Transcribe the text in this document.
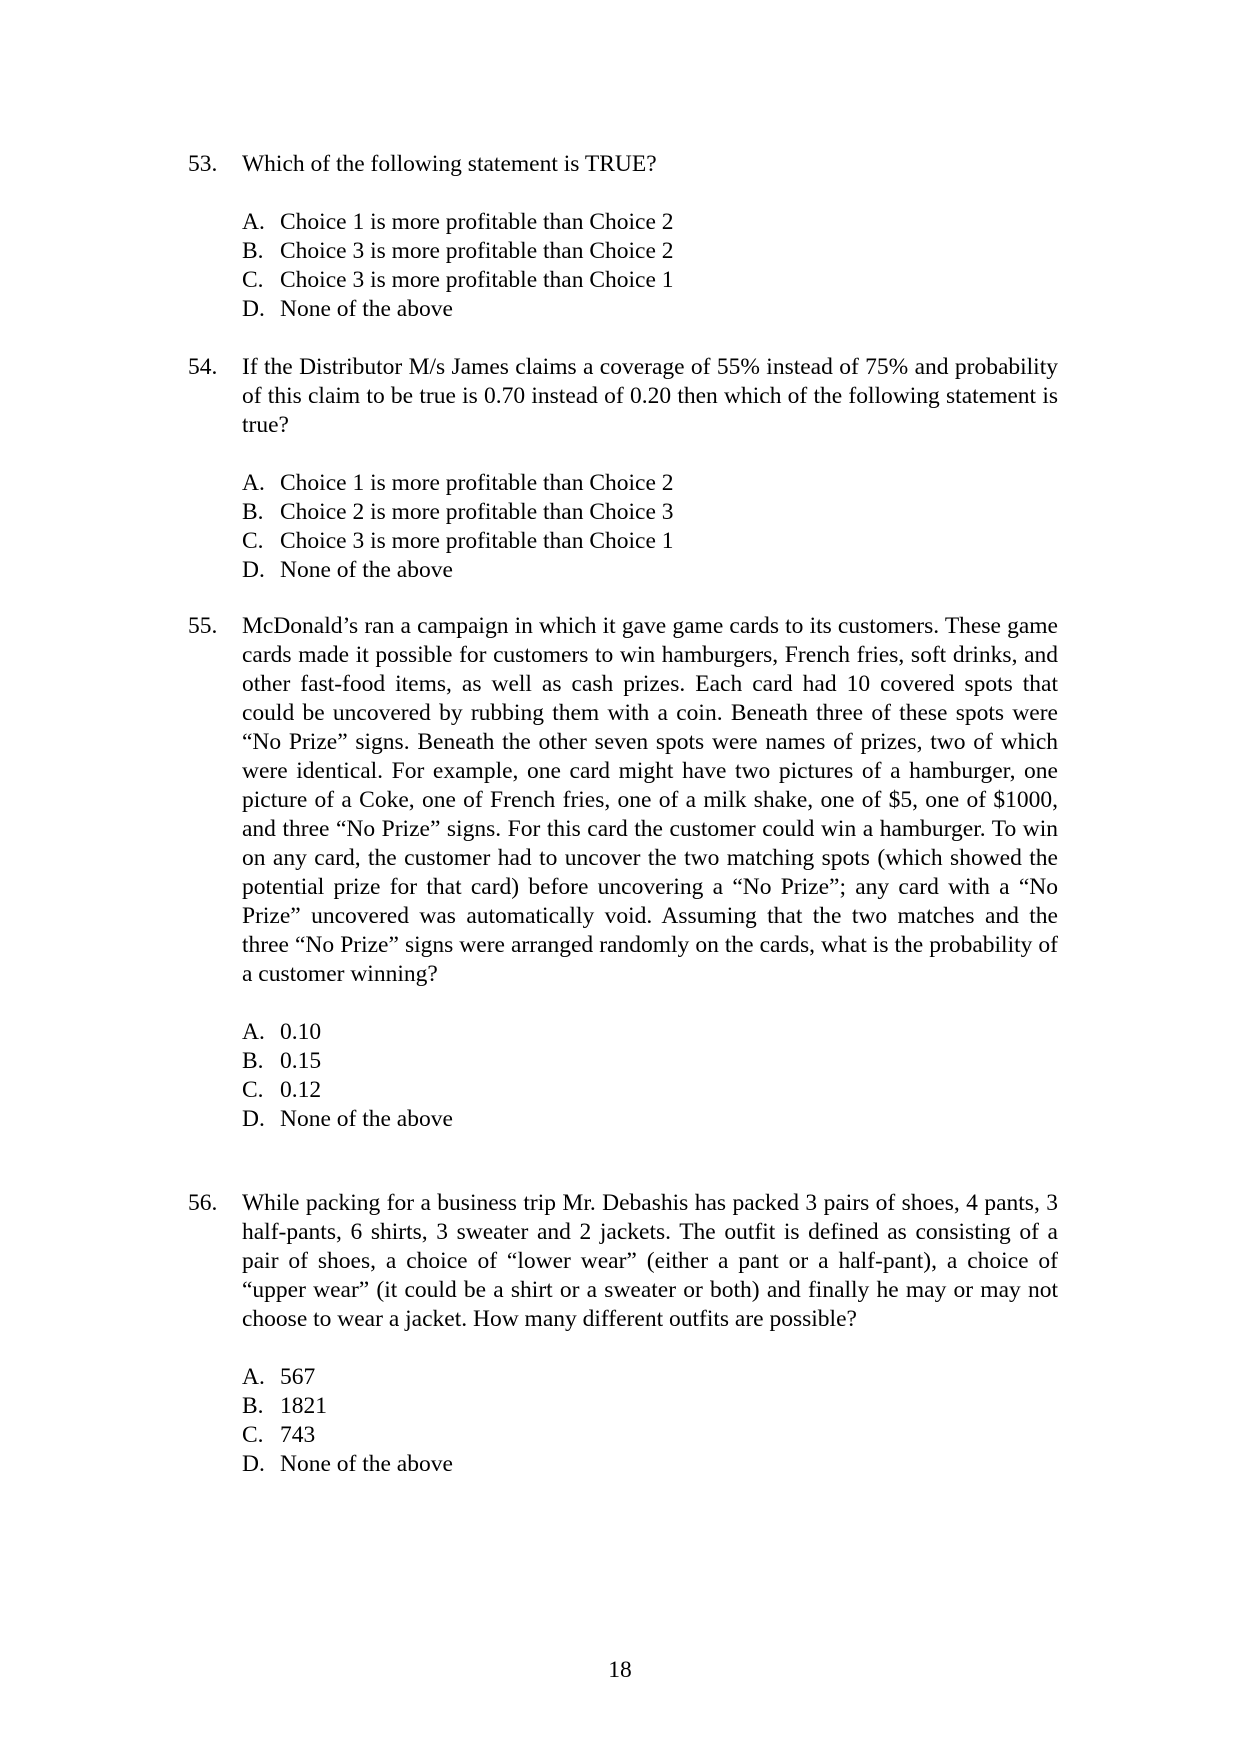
53.	Which of the following statement is TRUE?
A. Choice 1 is more profitable than Choice 2
B. Choice 3 is more profitable than Choice 2
C. Choice 3 is more profitable than Choice 1
D. None of the above
54.	If the Distributor M/s James claims a coverage of 55% instead of 75% and probability of this claim to be true is 0.70 instead of 0.20 then which of the following statement is true?
A. Choice 1 is more profitable than Choice 2
B. Choice 2 is more profitable than Choice 3
C. Choice 3 is more profitable than Choice 1
D. None of the above
55.	McDonald’s ran a campaign in which it gave game cards to its customers. These game cards made it possible for customers to win hamburgers, French fries, soft drinks, and other fast-food items, as well as cash prizes. Each card had 10 covered spots that could be uncovered by rubbing them with a coin. Beneath three of these spots were “No Prize” signs. Beneath the other seven spots were names of prizes, two of which were identical. For example, one card might have two pictures of a hamburger, one picture of a Coke, one of French fries, one of a milk shake, one of $5, one of $1000, and three “No Prize” signs. For this card the customer could win a hamburger. To win on any card, the customer had to uncover the two matching spots (which showed the potential prize for that card) before uncovering a “No Prize”; any card with a “No Prize” uncovered was automatically void. Assuming that the two matches and the three “No Prize” signs were arranged randomly on the cards, what is the probability of a customer winning?
A. 0.10
B. 0.15
C. 0.12
D. None of the above
56.	While packing for a business trip Mr. Debashis has packed 3 pairs of shoes, 4 pants, 3 half-pants, 6 shirts, 3 sweater and 2 jackets. The outfit is defined as consisting of a pair of shoes, a choice of “lower wear” (either a pant or a half-pant), a choice of “upper wear” (it could be a shirt or a sweater or both) and finally he may or may not choose to wear a jacket. How many different outfits are possible?
A. 567
B. 1821
C. 743
D. None of the above
18
